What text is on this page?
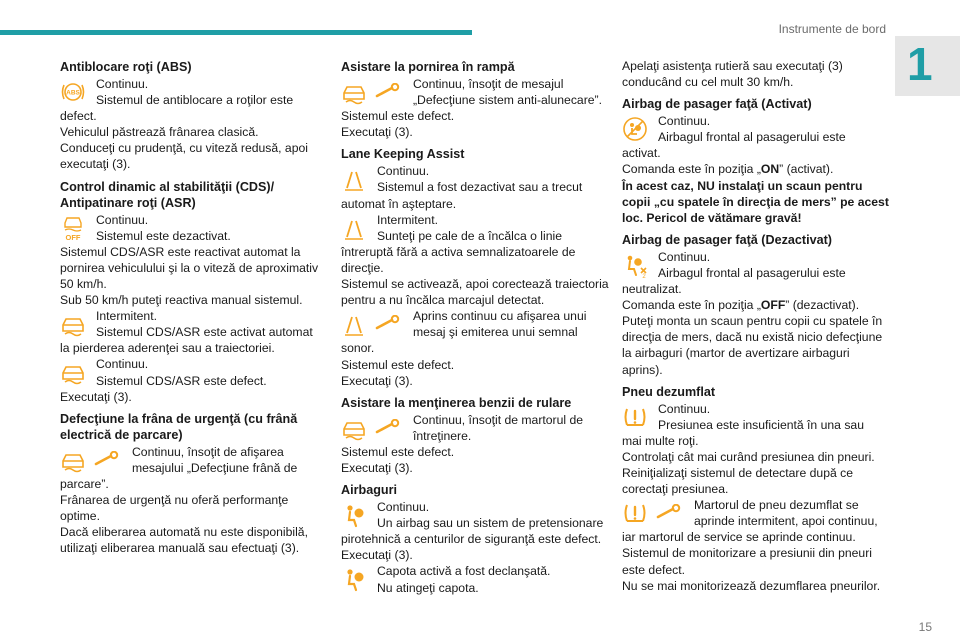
Instrumente de bord
1
15
Antiblocare roţi (ABS)
ABS
Continuu.
Sistemul de antiblocare a roţilor este

defect.

Vehiculul păstrează frânarea clasică.

Conduceţi cu prudenţă, cu viteză redusă, apoi executaţi (3).

Control dinamic al stabilităţii (CDS)/ Antipatinare roţi (ASR)
OFF
Continuu.
Sistemul este dezactivat.

Sistemul CDS/ASR este reactivat automat la pornirea vehiculului şi la o viteză de aproximativ 50 km/h.

Sub 50 km/h puteţi reactiva manual sistemul.

Intermitent.
Sistemul CDS/ASR este activat automat

la pierderea aderenţei sau a traiectoriei.

Continuu.
Sistemul CDS/ASR este defect.

Executaţi (3).

Defecţiune la frâna de urgenţă (cu frână electrică de parcare)
Continuu, însoţit de afişarea mesajului „Defecţiune frână de

parcare”.

Frânarea de urgenţă nu oferă performanţe optime.

Dacă eliberarea automată nu este disponibilă, utilizaţi eliberarea manuală sau efectuaţi (3).

Asistare la pornirea în rampă
Continuu, însoţit de mesajul „Defecţiune sistem anti-alunecare”.

Sistemul este defect.

Executaţi (3).

Lane Keeping Assist
Continuu.
Sistemul a fost dezactivat sau a trecut

automat în aşteptare.

Intermitent.
Sunteţi pe cale de a încălca o linie

întreruptă fără a activa semnalizatoarele de direcţie.

Sistemul se activează, apoi corectează traiectoria pentru a nu încălca marcajul detectat.

Aprins continuu cu afişarea unui mesaj şi emiterea unui semnal

sonor.

Sistemul este defect.

Executaţi (3).

Asistare la menţinerea benzii de rulare
Continuu, însoţit de martorul de întreţinere.

Sistemul este defect.

Executaţi (3).

Airbaguri
Continuu.
Un airbag sau un sistem de pretensionare

pirotehnică a centurilor de siguranţă este defect.

Executaţi (3).

Capota activă a fost declanşată.
Nu atingeţi capota.

Apelaţi asistenţa rutieră sau executaţi (3) conducând cu cel mult 30 km/h.

Airbag de pasager faţă (Activat)
Continuu.
Airbagul frontal al pasagerului este

activat.

Comanda este în poziţia „ON” (activat).

În acest caz, NU instalaţi un scaun pentru copii „cu spatele în direcţia de mers” pe acest loc. Pericol de vătămare gravă!

Airbag de pasager faţă (Dezactivat)
2
Continuu.
Airbagul frontal al pasagerului este

neutralizat.

Comanda este în poziţia „OFF” (dezactivat).

Puteţi monta un scaun pentru copii cu spatele în direcţia de mers, dacă nu există nicio defecţiune la airbaguri (martor de avertizare airbaguri aprins).

Pneu dezumflat
Continuu.
Presiunea este insuficientă în una sau

mai multe roţi.

Controlaţi cât mai curând presiunea din pneuri.

Reiniţializaţi sistemul de detectare după ce corectaţi presiunea.

Martorul de pneu dezumflat se aprinde intermitent, apoi continuu,

iar martorul de service se aprinde continuu.

Sistemul de monitorizare a presiunii din pneuri este defect.

Nu se mai monitorizează dezumflarea pneurilor.
